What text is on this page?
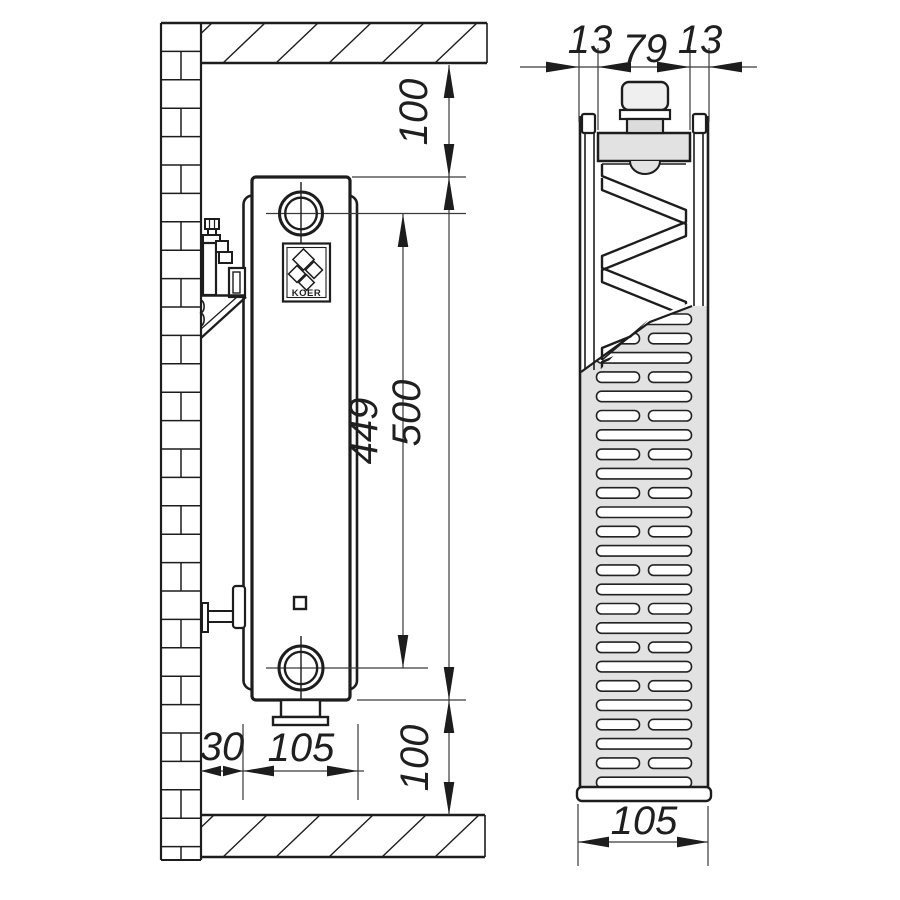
KOER
100
500
449
100
30 105
13 79 13
105
